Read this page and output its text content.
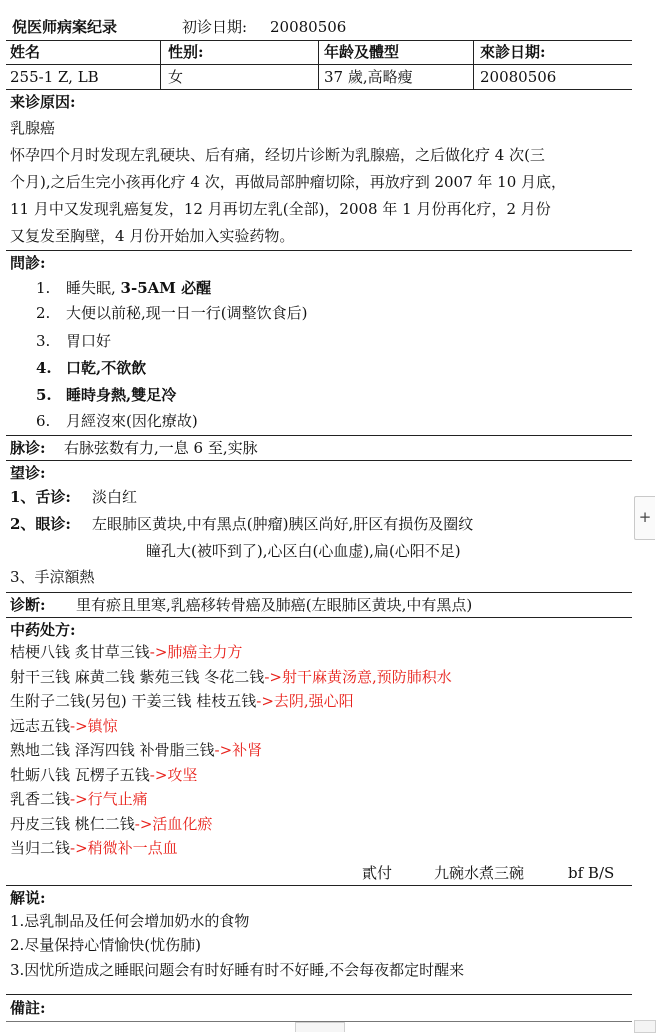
倪医师病案纪录	初诊日期: 20080506
姓名	性别:	年龄及體型	來診日期:
255-1 Z, LB	女	37 歲,高略瘦	20080506
来诊原因:
乳腺癌
怀孕四个月时发现左乳硬块、后有痛，经切片诊断为乳腺癌，之后做化疗 4 次(三
个月),之后生完小孩再化疗 4 次，再做局部肿瘤切除，再放疗到 2007 年 10 月底，
11 月中又发现乳癌复发，12 月再切左乳(全部)，2008 年 1 月份再化疗，2 月份
又复发至胸壁，4 月份开始加入实验药物。
問診:
1. 睡失眠, 3-5AM 必醒
2. 大便以前秘,现一日一行(调整饮食后)
3. 胃口好
4. 口乾,不欲飲
5. 睡時身熱,雙足冷
6. 月經沒來(因化療故)
脉诊: 右脉弦数有力,一息 6 至,实脉
望诊:
1、舌诊: 淡白红
2、眼诊: 左眼肺区黄块,中有黑点(肿瘤)胰区尚好,肝区有损伤及圈纹
瞳孔大(被吓到了),心区白(心血虚),扁(心阳不足)
3、手涼額熱
诊断: 里有瘀且里寒,乳癌移转骨癌及肺癌(左眼肺区黄块,中有黑点)
中药处方:
桔梗八钱 炙甘草三钱->肺癌主力方
射干三钱 麻黄二钱 紫苑三钱 冬花二钱->射干麻黄汤意,预防肺积水
生附子二钱(另包) 干姜三钱 桂枝五钱->去阴,强心阳
远志五钱->镇惊
熟地二钱 泽泻四钱 补骨脂三钱->补肾
牡蛎八钱 瓦楞子五钱->攻坚
乳香二钱->行气止痛
丹皮三钱 桃仁二钱->活血化瘀
当归二钱->稍微补一点血
貳付	九碗水煮三碗	bf B/S
解说:
1.忌乳制品及任何会增加奶水的食物
2.尽量保持心情愉快(忧伤肺)
3.因忧所造成之睡眠问题会有时好睡有时不好睡,不会每夜都定时醒来
備註:
+
